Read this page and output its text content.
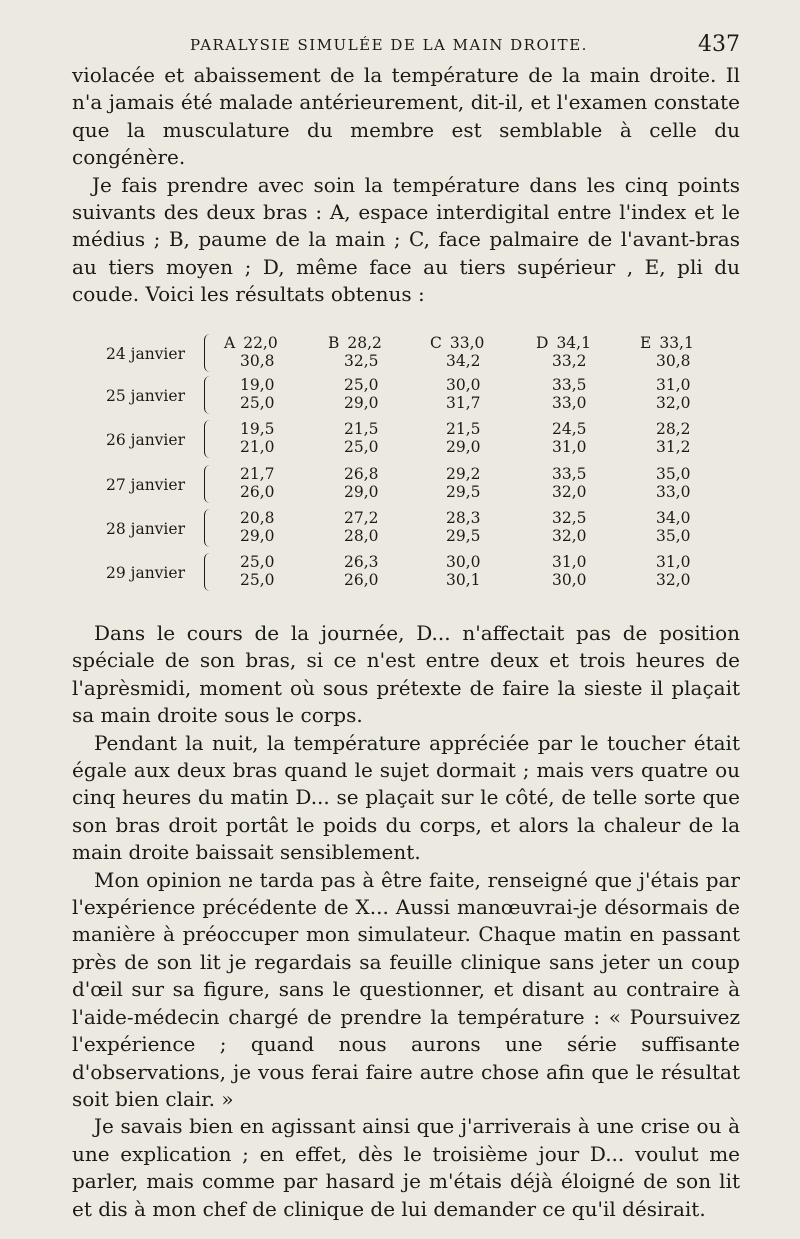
PARALYSIE SIMULÉE DE LA MAIN DROITE.	437

violacée et abaissement de la température de la main droite. Il n'a jamais été malade antérieurement, dit-il, et l'examen constate que la musculature du membre est semblable à celle du congénère.

Je fais prendre avec soin la température dans les cinq points suivants des deux bras : A, espace interdigital entre l'index et le médius ; B, paume de la main ; C, face palmaire de l'avant-bras au tiers moyen ; D, même face au tiers supérieur , E, pli du coude. Voici les résultats obtenus :

24 janvier
A 22,0	B 28,2	C 33,0	D 34,1	E 33,1
30,8	32,5	34,2	33,2	30,8
25 janvier
19,0	25,0	30,0	33,5	31,0
25,0	29,0	31,7	33,0	32,0
26 janvier
19,5	21,5	21,5	24,5	28,2
21,0	25,0	29,0	31,0	31,2
27 janvier
21,7	26,8	29,2	33,5	35,0
26,0	29,0	29,5	32,0	33,0
28 janvier
20,8	27,2	28,3	32,5	34,0
29,0	28,0	29,5	32,0	35,0
29 janvier
25,0	26,3	30,0	31,0	31,0
25,0	26,0	30,1	30,0	32,0

Dans le cours de la journée, D... n'affectait pas de position spéciale de son bras, si ce n'est entre deux et trois heures de l'aprèsmidi, moment où sous prétexte de faire la sieste il plaçait sa main droite sous le corps.

Pendant la nuit, la température appréciée par le toucher était égale aux deux bras quand le sujet dormait ; mais vers quatre ou cinq heures du matin D... se plaçait sur le côté, de telle sorte que son bras droit portât le poids du corps, et alors la chaleur de la main droite baissait sensiblement.

Mon opinion ne tarda pas à être faite, renseigné que j'étais par l'expérience précédente de X... Aussi manœuvrai-je désormais de manière à préoccuper mon simulateur. Chaque matin en passant près de son lit je regardais sa feuille clinique sans jeter un coup d'œil sur sa figure, sans le questionner, et disant au contraire à l'aide-médecin chargé de prendre la température : « Poursuivez l'expérience ; quand nous aurons une série suffisante d'observations, je vous ferai faire autre chose afin que le résultat soit bien clair. »

Je savais bien en agissant ainsi que j'arriverais à une crise ou à une explication ; en effet, dès le troisième jour D... voulut me parler, mais comme par hasard je m'étais déjà éloigné de son lit et dis à mon chef de clinique de lui demander ce qu'il désirait.
